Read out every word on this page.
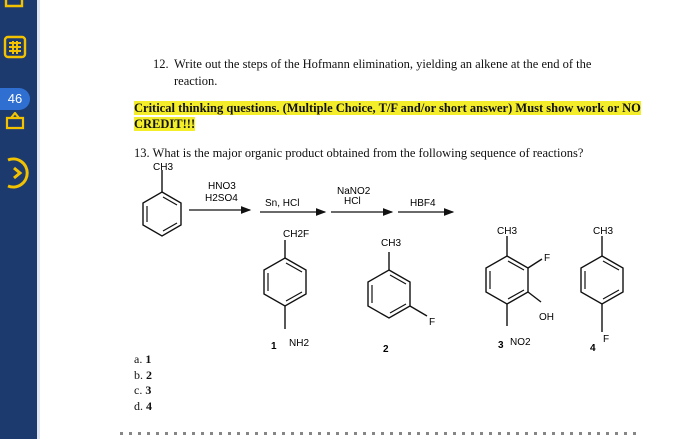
46
12. Write out the steps of the Hofmann elimination, yielding an alkene at the end of the
reaction.
Critical thinking questions. (Multiple Choice, T/F and/or short answer) Must show work or NO CREDIT!!!
13. What is the major organic product obtained from the following sequence of reactions?
CH3
HNO3
H2SO4	Sn, HCl
NaNO2
HCl	HBF4
CH2F
NH2
1
CH3
F
2
CH3
F
OH
NO2
3
CH3
F
4
a. 1
b. 2
c. 3
d. 4
